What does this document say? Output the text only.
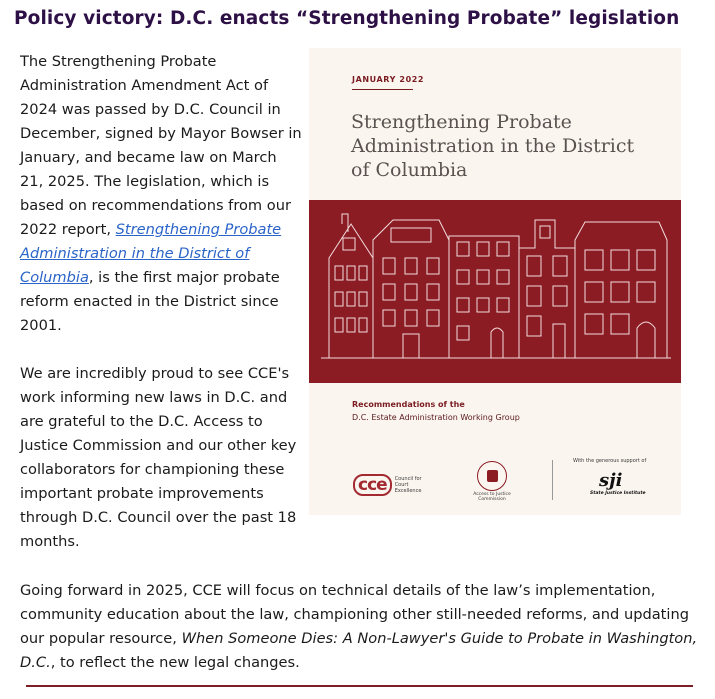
Policy victory: D.C. enacts “Strengthening Probate” legislation
The Strengthening Probate Administration Amendment Act of 2024 was passed by D.C. Council in December, signed by Mayor Bowser in January, and became law on March 21, 2025. The legislation, which is based on recommendations from our 2022 report, Strengthening Probate Administration in the District of Columbia, is the first major probate reform enacted in the District since 2001.
We are incredibly proud to see CCE's work informing new laws in D.C. and are grateful to the D.C. Access to Justice Commission and our other key collaborators for championing these important probate improvements through D.C. Council over the past 18 months.
Going forward in 2025, CCE will focus on technical details of the law’s implementation, community education about the law, championing other still-needed reforms, and updating our popular resource, When Someone Dies: A Non-Lawyer's Guide to Probate in Washington, D.C., to reflect the new legal changes.
JANUARY 2022
Strengthening Probate Administration in the District of Columbia
Recommendations of the
D.C. Estate Administration Working Group
cce	Council for Court Excellence
Access to Justice Commission
With the generous support of
sji
State Justice Institute
